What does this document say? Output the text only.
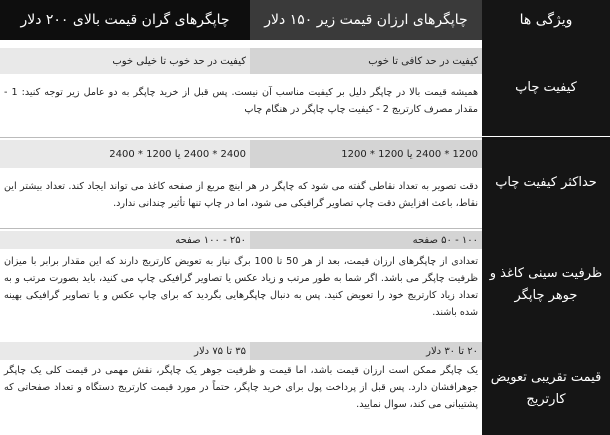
ویژگی ها
چاپگرهای ارزان قیمت زیر ۱۵۰ دلار
چاپگرهای گران قیمت بالای ۲۰۰ دلار
کیفیت چاپ
کیفیت در حد کافی تا خوب
کیفیت در حد خوب تا خیلی خوب
همیشه قیمت بالا در چاپگر دلیل بر کیفیت مناسب آن نیست. پس قبل از خرید چاپگر به دو عامل زیر توجه کنید: 1 - مقدار مصرف کارتریج 2 - کیفیت چاپ چاپگر در هنگام چاپ
حداکثر کیفیت چاپ
1200 * 2400 یا 1200 * 1200
2400 * 2400 یا 1200 * 2400
دقت تصویر به تعداد نقاطی گفته می شود که چاپگر در هر اینچ مربع از صفحه کاغذ می تواند ایجاد کند. تعداد بیشتر این نقاط، باعث افزایش دقت چاپ تصاویر گرافیکی می شود، اما در چاپ تنها تأثیر چندانی ندارد.
ظرفیت سینی کاغذ و جوهر چاپگر
۱۰۰ - ۵۰ صفحه
۲۵۰ - ۱۰۰ صفحه
تعدادی از چاپگرهای ارزان قیمت، بعد از هر 50 تا 100 برگ نیاز به تعویض کارتریج دارند که این مقدار برابر با میزان ظرفیت چاپگر می باشد. اگر شما به طور مرتب و زیاد عکس یا تصاویر گرافیکی چاپ می کنید، باید بصورت مرتب و به تعداد زیاد کارتریج خود را تعویض کنید. پس به دنبال چاپگرهایی بگردید که برای چاپ عکس و یا تصاویر گرافیکی بهینه شده باشند.
قیمت تقریبی تعویض کارتریج
۲۰ تا ۳۰ دلار
۳۵ تا ۷۵ دلار
یک چاپگر ممکن است ارزان قیمت باشد، اما قیمت و ظرفیت جوهر یک چاپگر، نقش مهمی در قیمت کلی یک چاپگر جوهرافشان دارد. پس قبل از پرداخت پول برای خرید چاپگر، حتماً در مورد قیمت کارتریج دستگاه و تعداد صفحاتی که پشتیبانی می کند، سوال نمایید.
